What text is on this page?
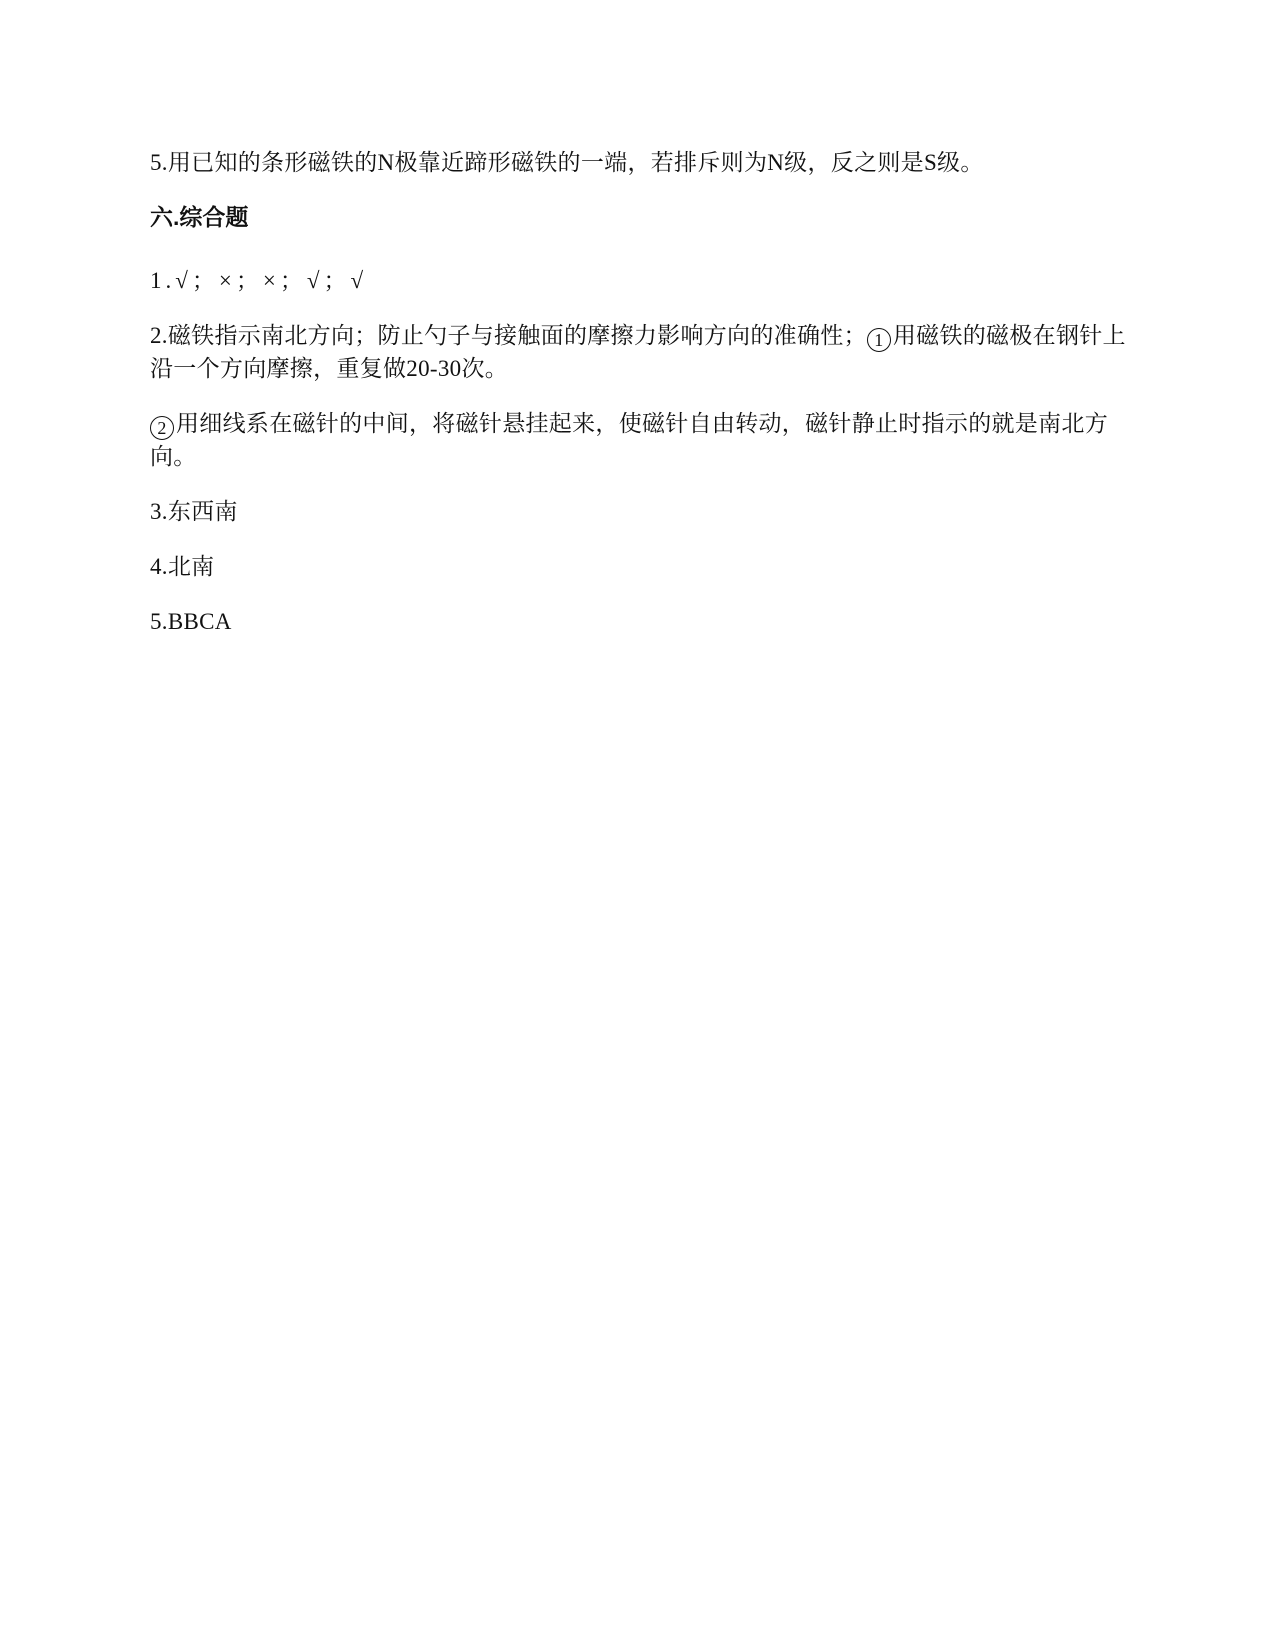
5.用已知的条形磁铁的N极靠近蹄形磁铁的一端，若排斥则为N级，反之则是S级。

六.综合题

1.√；×；×；√；√

2.磁铁指示南北方向；防止勺子与接触面的摩擦力影响方向的准确性； 1 用磁铁的磁极在钢针上沿一个方向摩擦，重复做20-30次。

2 用细线系在磁针的中间，将磁针悬挂起来，使磁针自由转动，磁针静止时指示的就是南北方向。

3.东西南

4.北南

5.BBCA
